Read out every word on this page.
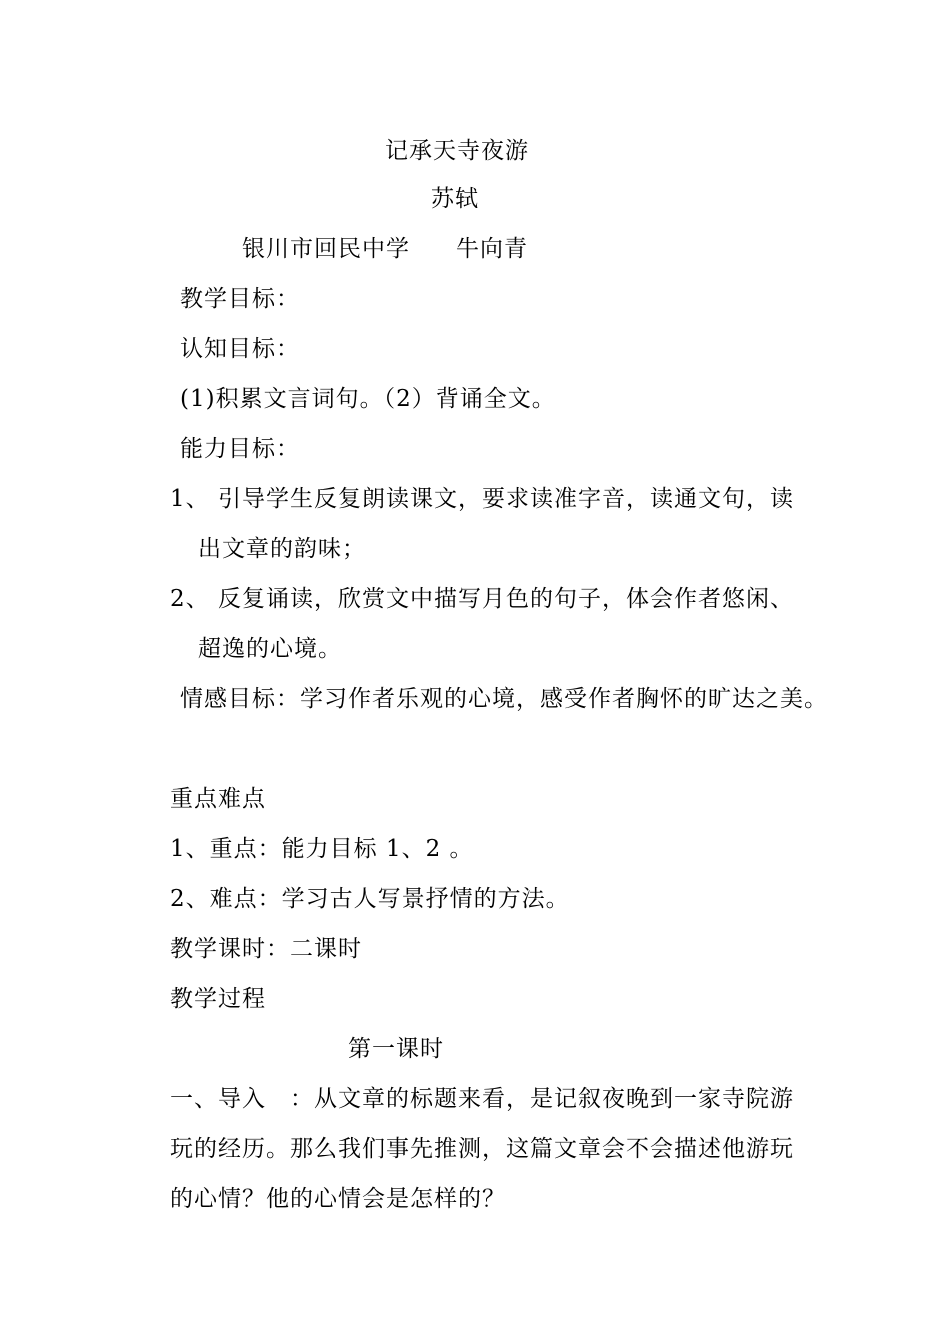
记承天寺夜游
苏轼
银川市回民中学 牛向青
教学目标：
认知目标：
(1)积累文言词句。（2）背诵全文。
能力目标：
1、 引导学生反复朗读课文，要求读准字音，读通文句，读
出文章的韵味；
2、 反复诵读，欣赏文中描写月色的句子，体会作者悠闲、
超逸的心境。
情感目标：学习作者乐观的心境，感受作者胸怀的旷达之美。
重点难点
1、重点：能力目标 1、2 。
2、难点：学习古人写景抒情的方法。
教学课时：二课时
教学过程
第一课时
一、导入　：从文章的标题来看，是记叙夜晚到一家寺院游
玩的经历。那么我们事先推测，这篇文章会不会描述他游玩
的心情？他的心情会是怎样的？
